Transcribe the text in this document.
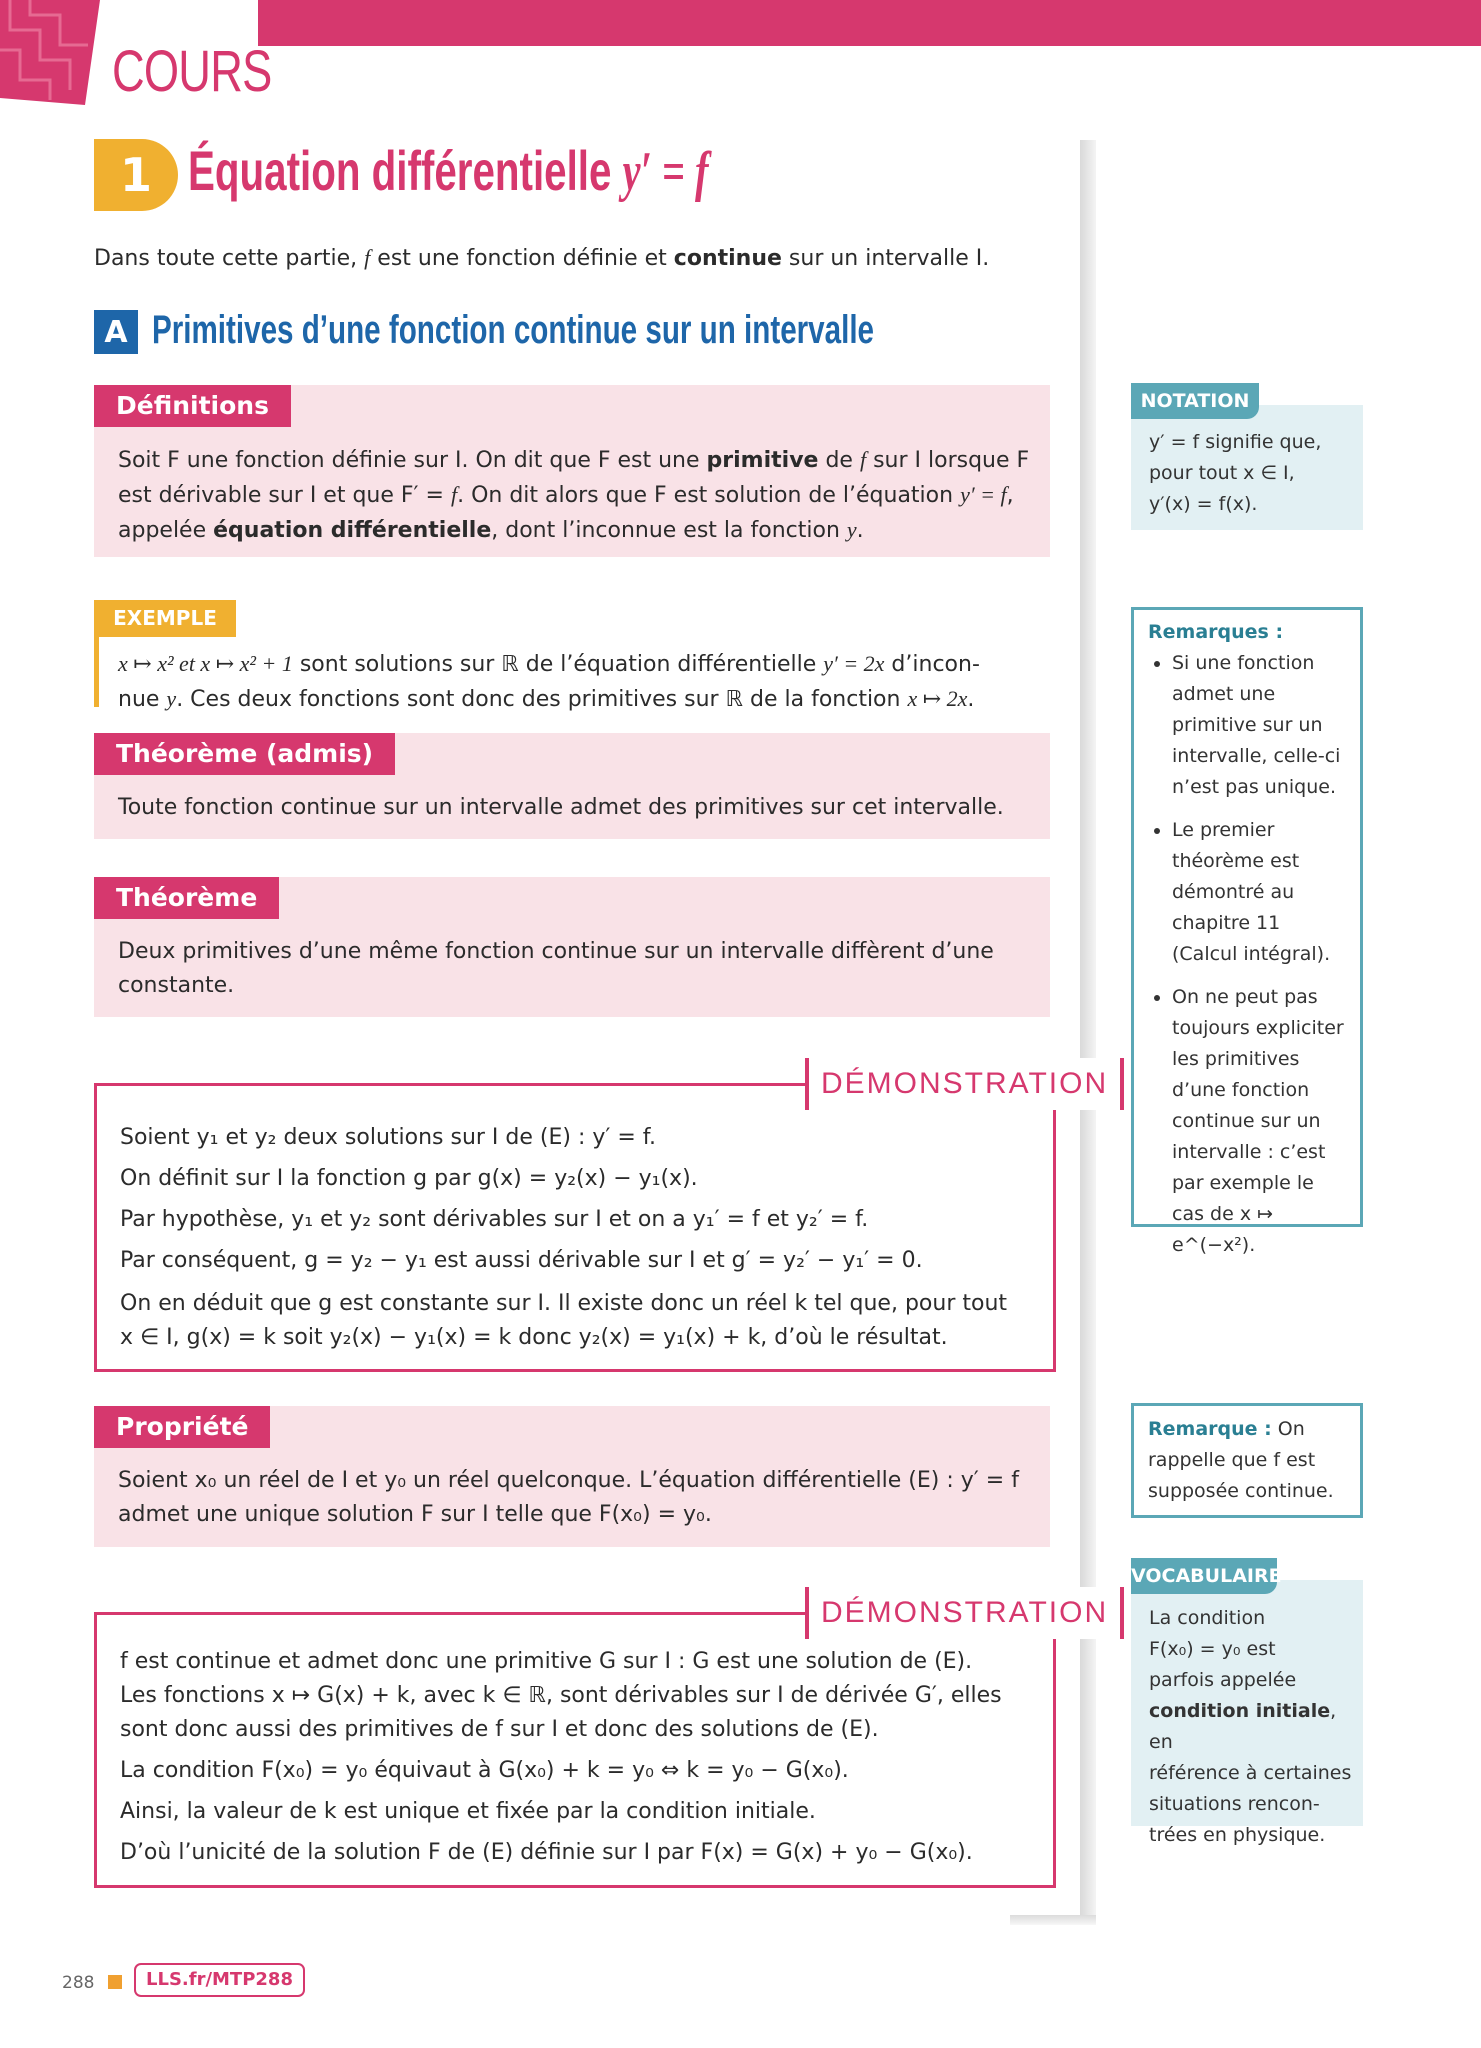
COURS
1 Équation différentielle y′ = f
Dans toute cette partie, f est une fonction définie et continue sur un intervalle I.
A Primitives d’une fonction continue sur un intervalle
Définitions
Soit F une fonction définie sur I. On dit que F est une primitive de f sur I lorsque F
est dérivable sur I et que F′ = f. On dit alors que F est solution de l’équation y′ = f,
appelée équation différentielle, dont l’inconnue est la fonction y.
EXEMPLE
x ↦ x² et x ↦ x² + 1 sont solutions sur ℝ de l’équation différentielle y′ = 2x d’incon-
nue y. Ces deux fonctions sont donc des primitives sur ℝ de la fonction x ↦ 2x.
Théorème (admis)
Toute fonction continue sur un intervalle admet des primitives sur cet intervalle.
Théorème
Deux primitives d’une même fonction continue sur un intervalle diffèrent d’une
constante.
DÉMONSTRATION
Soient y₁ et y₂ deux solutions sur I de (E) : y′ = f.
On définit sur I la fonction g par g(x) = y₂(x) − y₁(x).
Par hypothèse, y₁ et y₂ sont dérivables sur I et on a y₁′ = f et y₂′ = f.
Par conséquent, g = y₂ − y₁ est aussi dérivable sur I et g′ = y₂′ − y₁′ = 0.
On en déduit que g est constante sur I. Il existe donc un réel k tel que, pour tout
x ∈ I, g(x) = k soit y₂(x) − y₁(x) = k donc y₂(x) = y₁(x) + k, d’où le résultat.
Propriété
Soient x₀ un réel de I et y₀ un réel quelconque. L’équation différentielle (E) : y′ = f
admet une unique solution F sur I telle que F(x₀) = y₀.
DÉMONSTRATION
f est continue et admet donc une primitive G sur I : G est une solution de (E).
Les fonctions x ↦ G(x) + k, avec k ∈ ℝ, sont dérivables sur I de dérivée G′, elles
sont donc aussi des primitives de f sur I et donc des solutions de (E).
La condition F(x₀) = y₀ équivaut à G(x₀) + k = y₀ ⇔ k = y₀ − G(x₀).
Ainsi, la valeur de k est unique et fixée par la condition initiale.
D’où l’unicité de la solution F de (E) définie sur I par F(x) = G(x) + y₀ − G(x₀).
NOTATION
y′ = f signifie que,
pour tout x ∈ I,
y′(x) = f(x).
Remarques :
• Si une fonction admet une primitive sur un intervalle, celle-ci n’est pas unique.
• Le premier théorème est démontré au chapitre 11 (Calcul intégral).
• On ne peut pas toujours expliciter les primitives d’une fonction continue sur un intervalle : c’est par exemple le cas de x ↦ e^(−x²).
Remarque : On rappelle que f est supposée continue.
VOCABULAIRE
La condition
F(x₀) = y₀ est
parfois appelée
condition initiale, en
référence à certaines
situations rencon-
trées en physique.
288	LLS.fr/MTP288
